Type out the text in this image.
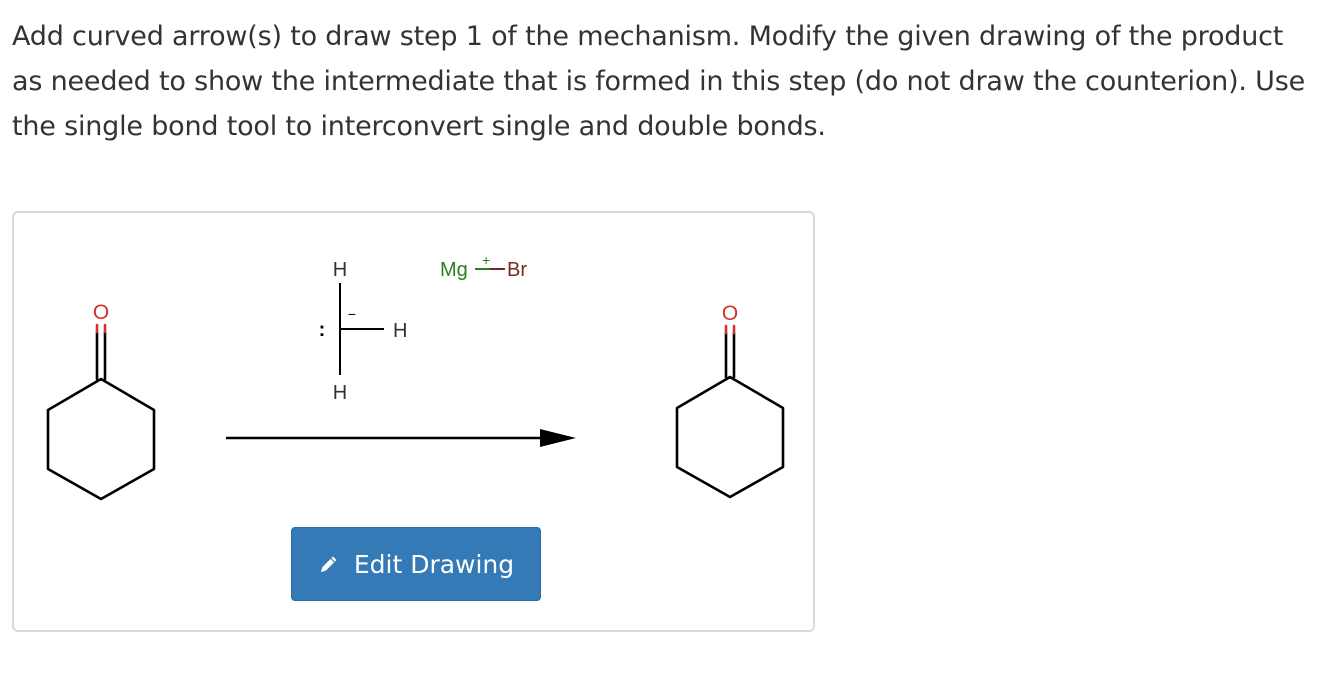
Add curved arrow(s) to draw step 1 of the mechanism. Modify the given drawing of the product as needed to show the intermediate that is formed in this step (do not draw the counterion). Use the single bond tool to interconvert single and double bonds.

O
H
H
H
:
−
Mg + Br
O
Edit Drawing
